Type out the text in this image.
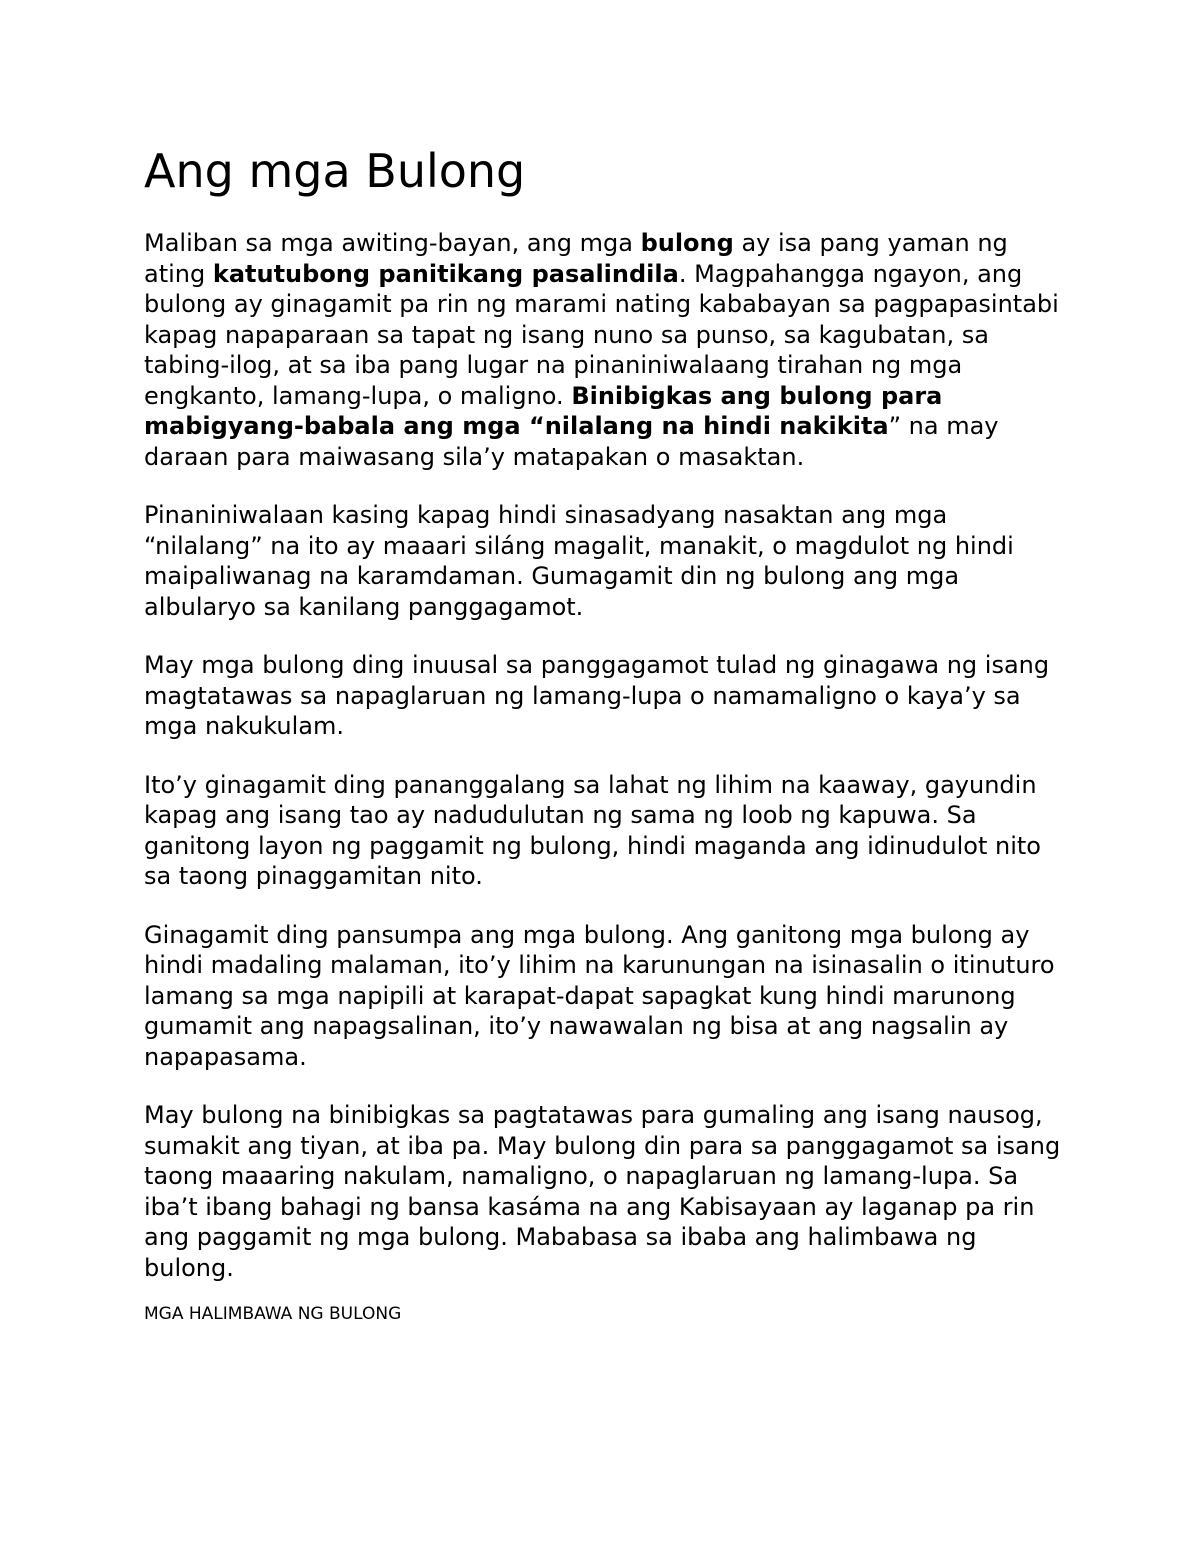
Ang mga Bulong

Maliban sa mga awiting-bayan, ang mga bulong ay isa pang yaman ng ating katutubong panitikang pasalindila. Magpahangga ngayon, ang bulong ay ginagamit pa rin ng marami nating kababayan sa pagpapasintabi kapag napaparaan sa tapat ng isang nuno sa punso, sa kagubatan, sa tabing-ilog, at sa iba pang lugar na pinaniniwalaang tirahan ng mga engkanto, lamang-lupa, o maligno. Binibigkas ang bulong para mabigyang-babala ang mga “nilalang na hindi nakikita” na may daraan para maiwasang sila’y matapakan o masaktan.

Pinaniniwalaan kasing kapag hindi sinasadyang nasaktan ang mga “nilalang” na ito ay maaari siláng magalit, manakit, o magdulot ng hindi maipaliwanag na karamdaman. Gumagamit din ng bulong ang mga albularyo sa kanilang panggagamot.

May mga bulong ding inuusal sa panggagamot tulad ng ginagawa ng isang magtatawas sa napaglaruan ng lamang-lupa o namamaligno o kaya’y sa mga nakukulam.

Ito’y ginagamit ding pananggalang sa lahat ng lihim na kaaway, gayundin kapag ang isang tao ay nadudulutan ng sama ng loob ng kapuwa. Sa ganitong layon ng paggamit ng bulong, hindi maganda ang idinudulot nito sa taong pinaggamitan nito.

Ginagamit ding pansumpa ang mga bulong. Ang ganitong mga bulong ay hindi madaling malaman, ito’y lihim na karunungan na isinasalin o itinuturo lamang sa mga napipili at karapat-dapat sapagkat kung hindi marunong gumamit ang napagsalinan, ito’y nawawalan ng bisa at ang nagsalin ay napapasama.

May bulong na binibigkas sa pagtatawas para gumaling ang isang nausog, sumakit ang tiyan, at iba pa. May bulong din para sa panggagamot sa isang taong maaaring nakulam, namaligno, o napaglaruan ng lamang-lupa. Sa iba’t ibang bahagi ng bansa kasáma na ang Kabisayaan ay laganap pa rin ang paggamit ng mga bulong. Mababasa sa ibaba ang halimbawa ng bulong.

MGA HALIMBAWA NG BULONG
